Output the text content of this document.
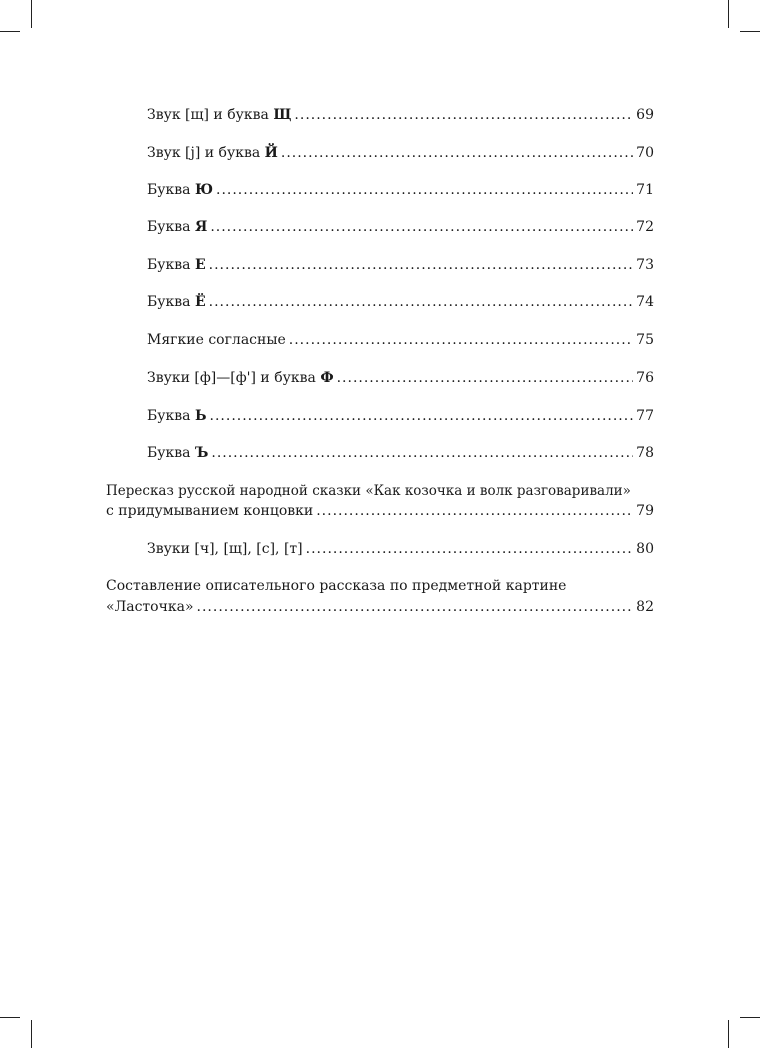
Звук [щ] и буква Щ .....	69
Звук [j] и буква Й .....	70
Буква Ю .....	71
Буква Я .....	72
Буква Е .....	73
Буква Ё .....	74
Мягкие согласные .....	75
Звуки [ф]—[ф'] и буква Ф .....	76
Буква Ь .....	77
Буква Ъ .....	78
Пересказ русской народной сказки «Как козочка и волк разговаривали»
с придумыванием концовки .....	79
Звуки [ч], [щ], [с], [т] .....	80
Составление описательного рассказа по предметной картине
«Ласточка» .....	82
